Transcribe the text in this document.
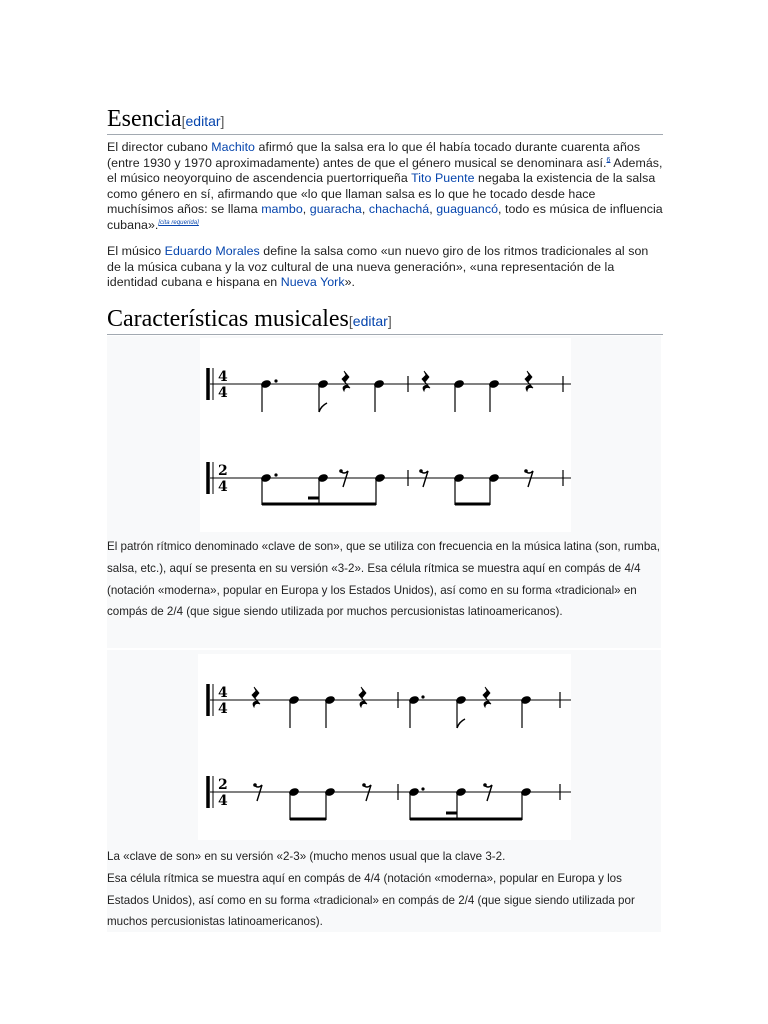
Esencia[editar]

El director cubano Machito afirmó que la salsa era lo que él había tocado durante cuarenta años (entre 1930 y 1970 aproximadamente) antes de que el género musical se denominara así.$^6$ Además, el músico neoyorquino de ascendencia puertorriqueña Tito Puente negaba la existencia de la salsa como género en sí, afirmando que «lo que llaman salsa es lo que he tocado desde hace muchísimos años: se llama mambo, guaracha, chachachá, guaguancó, todo es música de influencia cubana».[cita requerida]

El músico Eduardo Morales define la salsa como «un nuevo giro de los ritmos tradicionales al son de la música cubana y la voz cultural de una nueva generación», «una representación de la identidad cubana e hispana en Nueva York».

Características musicales[editar]
4
4
2
4
El patrón rítmico denominado «clave de son», que se utiliza con frecuencia en la música latina (son, rumba, salsa, etc.), aquí se presenta en su versión «3-2». Esa célula rítmica se muestra aquí en compás de 4/4 (notación «moderna», popular en Europa y los Estados Unidos), así como en su forma «tradicional» en compás de 2/4 (que sigue siendo utilizada por muchos percusionistas latinoamericanos).
4
4
2
4
La «clave de son» en su versión «2-3» (mucho menos usual que la clave 3-2.
Esa célula rítmica se muestra aquí en compás de 4/4 (notación «moderna», popular en Europa y los Estados Unidos), así como en su forma «tradicional» en compás de 2/4 (que sigue siendo utilizada por muchos percusionistas latinoamericanos).
